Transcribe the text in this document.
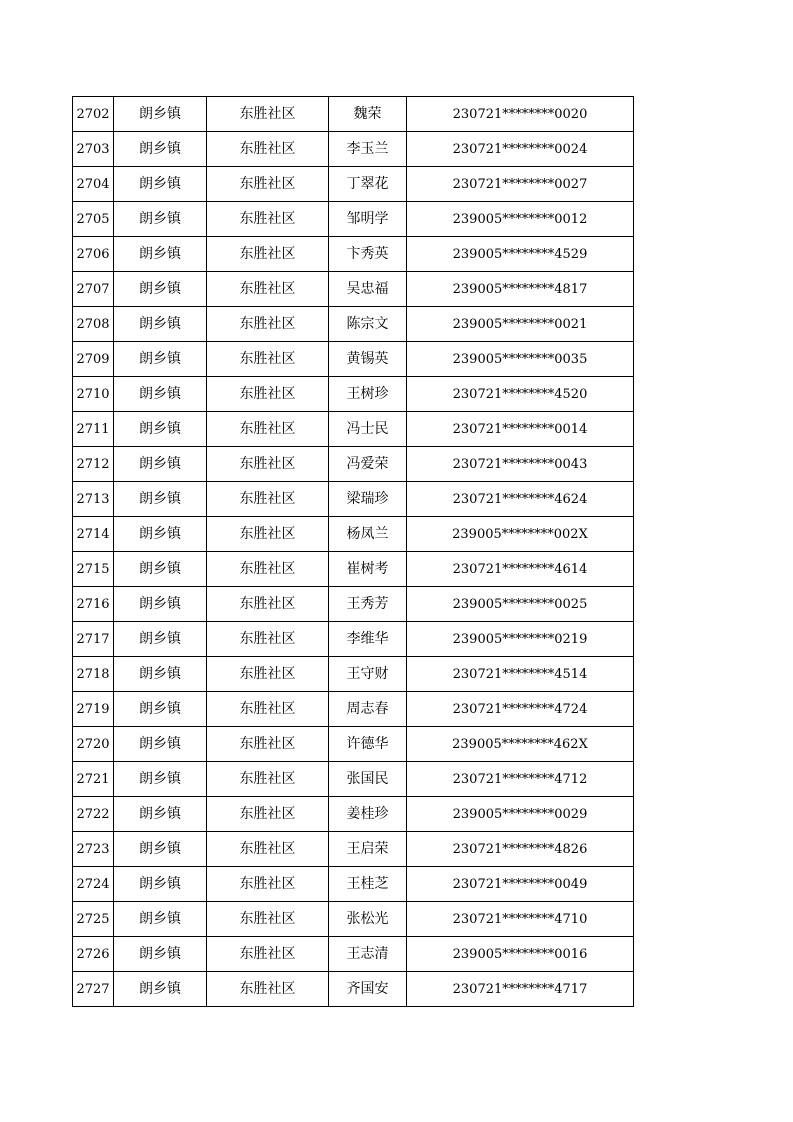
2702	朗乡镇	东胜社区	魏荣	230721********0020
2703	朗乡镇	东胜社区	李玉兰	230721********0024
2704	朗乡镇	东胜社区	丁翠花	230721********0027
2705	朗乡镇	东胜社区	邹明学	239005********0012
2706	朗乡镇	东胜社区	卞秀英	239005********4529
2707	朗乡镇	东胜社区	吴忠福	239005********4817
2708	朗乡镇	东胜社区	陈宗文	239005********0021
2709	朗乡镇	东胜社区	黄锡英	239005********0035
2710	朗乡镇	东胜社区	王树珍	230721********4520
2711	朗乡镇	东胜社区	冯士民	230721********0014
2712	朗乡镇	东胜社区	冯爱荣	230721********0043
2713	朗乡镇	东胜社区	梁瑞珍	230721********4624
2714	朗乡镇	东胜社区	杨凤兰	239005********002X
2715	朗乡镇	东胜社区	崔树考	230721********4614
2716	朗乡镇	东胜社区	王秀芳	239005********0025
2717	朗乡镇	东胜社区	李维华	239005********0219
2718	朗乡镇	东胜社区	王守财	230721********4514
2719	朗乡镇	东胜社区	周志春	230721********4724
2720	朗乡镇	东胜社区	许德华	239005********462X
2721	朗乡镇	东胜社区	张国民	230721********4712
2722	朗乡镇	东胜社区	姜桂珍	239005********0029
2723	朗乡镇	东胜社区	王启荣	230721********4826
2724	朗乡镇	东胜社区	王桂芝	230721********0049
2725	朗乡镇	东胜社区	张松光	230721********4710
2726	朗乡镇	东胜社区	王志清	239005********0016
2727	朗乡镇	东胜社区	齐国安	230721********4717
